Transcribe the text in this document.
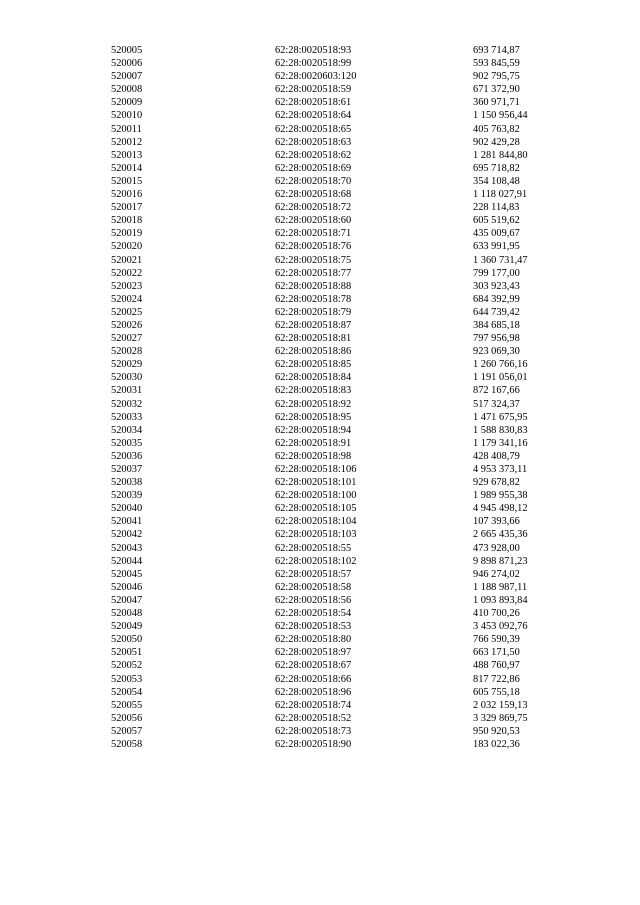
520005	62:28:0020518:93	693 714,87
520006	62:28:0020518:99	593 845,59
520007	62:28:0020603:120	902 795,75
520008	62:28:0020518:59	671 372,90
520009	62:28:0020518:61	360 971,71
520010	62:28:0020518:64	1 150 956,44
520011	62:28:0020518:65	405 763,82
520012	62:28:0020518:63	902 429,28
520013	62:28:0020518:62	1 281 844,80
520014	62:28:0020518:69	695 718,82
520015	62:28:0020518:70	354 108,48
520016	62:28:0020518:68	1 118 027,91
520017	62:28:0020518:72	228 114,83
520018	62:28:0020518:60	605 519,62
520019	62:28:0020518:71	435 009,67
520020	62:28:0020518:76	633 991,95
520021	62:28:0020518:75	1 360 731,47
520022	62:28:0020518:77	799 177,00
520023	62:28:0020518:88	303 923,43
520024	62:28:0020518:78	684 392,99
520025	62:28:0020518:79	644 739,42
520026	62:28:0020518:87	384 685,18
520027	62:28:0020518:81	797 956,98
520028	62:28:0020518:86	923 069,30
520029	62:28:0020518:85	1 260 766,16
520030	62:28:0020518:84	1 191 056,01
520031	62:28:0020518:83	872 167,66
520032	62:28:0020518:92	517 324,37
520033	62:28:0020518:95	1 471 675,95
520034	62:28:0020518:94	1 588 830,83
520035	62:28:0020518:91	1 179 341,16
520036	62:28:0020518:98	428 408,79
520037	62:28:0020518:106	4 953 373,11
520038	62:28:0020518:101	929 678,82
520039	62:28:0020518:100	1 989 955,38
520040	62:28:0020518:105	4 945 498,12
520041	62:28:0020518:104	107 393,66
520042	62:28:0020518:103	2 665 435,36
520043	62:28:0020518:55	473 928,00
520044	62:28:0020518:102	9 898 871,23
520045	62:28:0020518:57	946 274,02
520046	62:28:0020518:58	1 188 987,11
520047	62:28:0020518:56	1 093 893,84
520048	62:28:0020518:54	410 700,26
520049	62:28:0020518:53	3 453 092,76
520050	62:28:0020518:80	766 590,39
520051	62:28:0020518:97	663 171,50
520052	62:28:0020518:67	488 760,97
520053	62:28:0020518:66	817 722,86
520054	62:28:0020518:96	605 755,18
520055	62:28:0020518:74	2 032 159,13
520056	62:28:0020518:52	3 329 869,75
520057	62:28:0020518:73	950 920,53
520058	62:28:0020518:90	183 022,36
